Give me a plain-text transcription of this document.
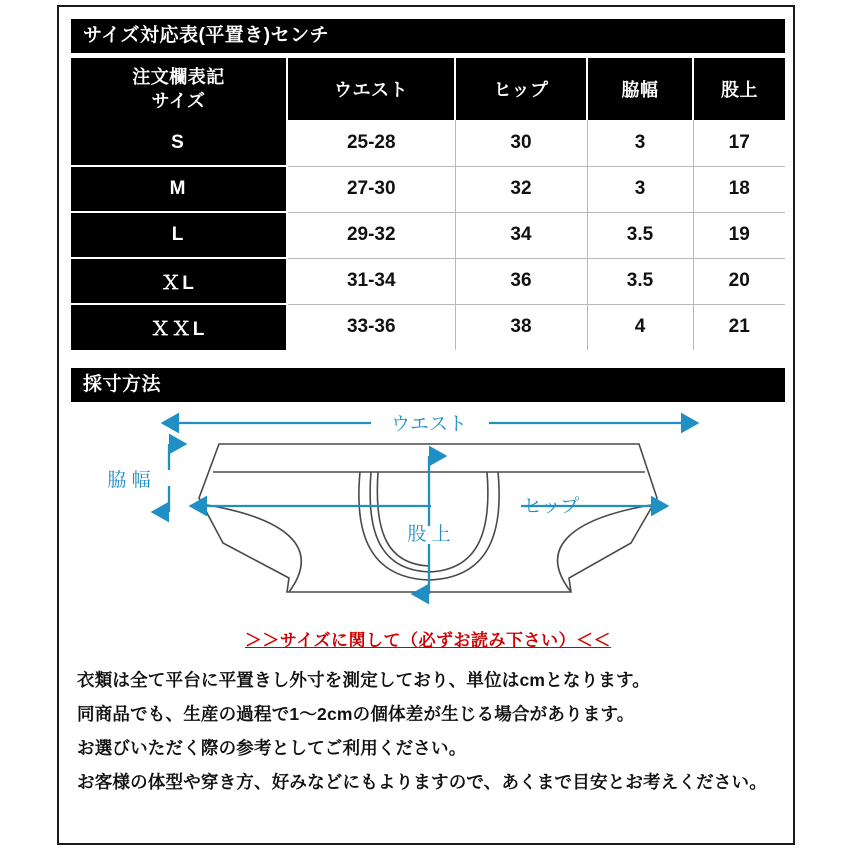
サイズ対応表(平置き)センチ
注文欄表記
サイズ	ウエスト	ヒップ	脇幅	股上
S	25-28	30	3	17
M	27-30	32	3	18
L	29-32	34	3.5	19
ＸL	31-34	36	3.5	20
ＸＸL	33-36	38	4	21
採寸方法
ウエスト
脇 幅
ヒップ
股 上
＞＞サイズに関して（必ずお読み下さい）＜＜

衣類は全て平台に平置きし外寸を測定しており、単位はcmとなります。

同商品でも、生産の過程で1〜2cmの個体差が生じる場合があります。

お選びいただく際の参考としてご利用ください。

お客様の体型や穿き方、好みなどにもよりますので、あくまで目安とお考えください。
